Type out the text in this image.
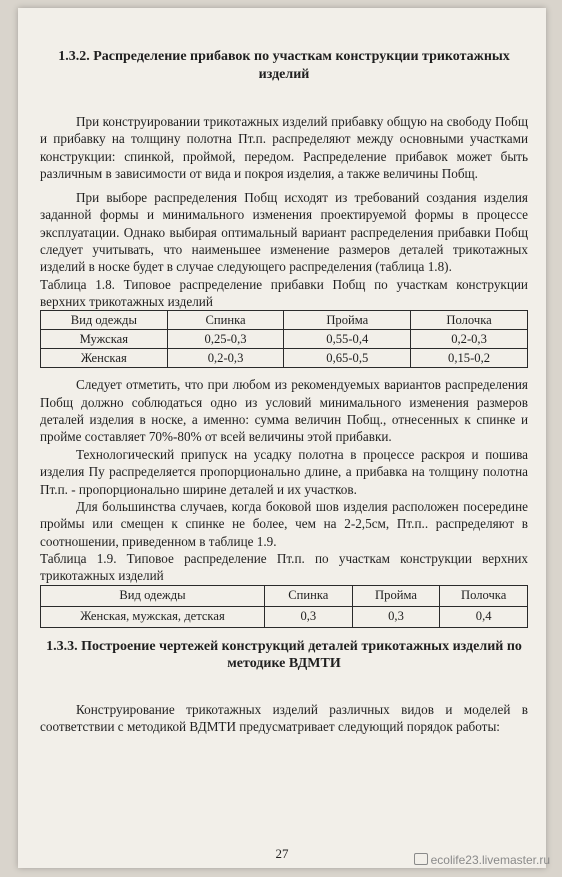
1.3.2. Распределение прибавок по участкам конструкции трикотажных изделий

При конструировании трикотажных изделий прибавку общую на свободу Побщ и прибавку на толщину полотна Пт.п. распределяют между основными участками конструкции: спинкой, проймой, передом. Распределение прибавок может быть различным в зависимости от вида и покроя изделия, а также величины Побщ.

При выборе распределения Побщ исходят из требований создания изделия заданной формы и минимального изменения проектируемой формы в процессе эксплуатации. Однако выбирая оптимальный вариант распределения прибавки Побщ следует учитывать, что наименьшее изменение размеров деталей трикотажных изделий в носке будет в случае следующего распределения (таблица 1.8).

Таблица 1.8. Типовое распределение прибавки Побщ по участкам конструкции верхних трикотажных изделий

Вид одежды	Спинка	Пройма	Полочка
Мужская	0,25-0,3	0,55-0,4	0,2-0,3
Женская	0,2-0,3	0,65-0,5	0,15-0,2

Следует отметить, что при любом из рекомендуемых вариантов распределения Побщ должно соблюдаться одно из условий минимального изменения размеров деталей изделия в носке, а именно: сумма величин Побщ., отнесенных к спинке и пройме составляет 70%-80% от всей величины этой прибавки.

Технологический припуск на усадку полотна в процессе раскроя и пошива изделия Пу распределяется пропорционально длине, а прибавка на толщину полотна Пт.п. - пропорционально ширине деталей и их участков.

Для большинства случаев, когда боковой шов изделия расположен посередине проймы или смещен к спинке не более, чем на 2-2,5см, Пт.п.. распределяют в соотношении, приведенном в таблице 1.9.

Таблица 1.9. Типовое распределение Пт.п. по участкам конструкции верхних трикотажных изделий

Вид одежды	Спинка	Пройма	Полочка
Женская, мужская, детская	0,3	0,3	0,4
1.3.3. Построение чертежей конструкций деталей трикотажных изделий по методике ВДМТИ

Конструирование трикотажных изделий различных видов и моделей в соответствии с методикой ВДМТИ предусматривает следующий порядок работы:

27	ecolife23.livemaster.ru
